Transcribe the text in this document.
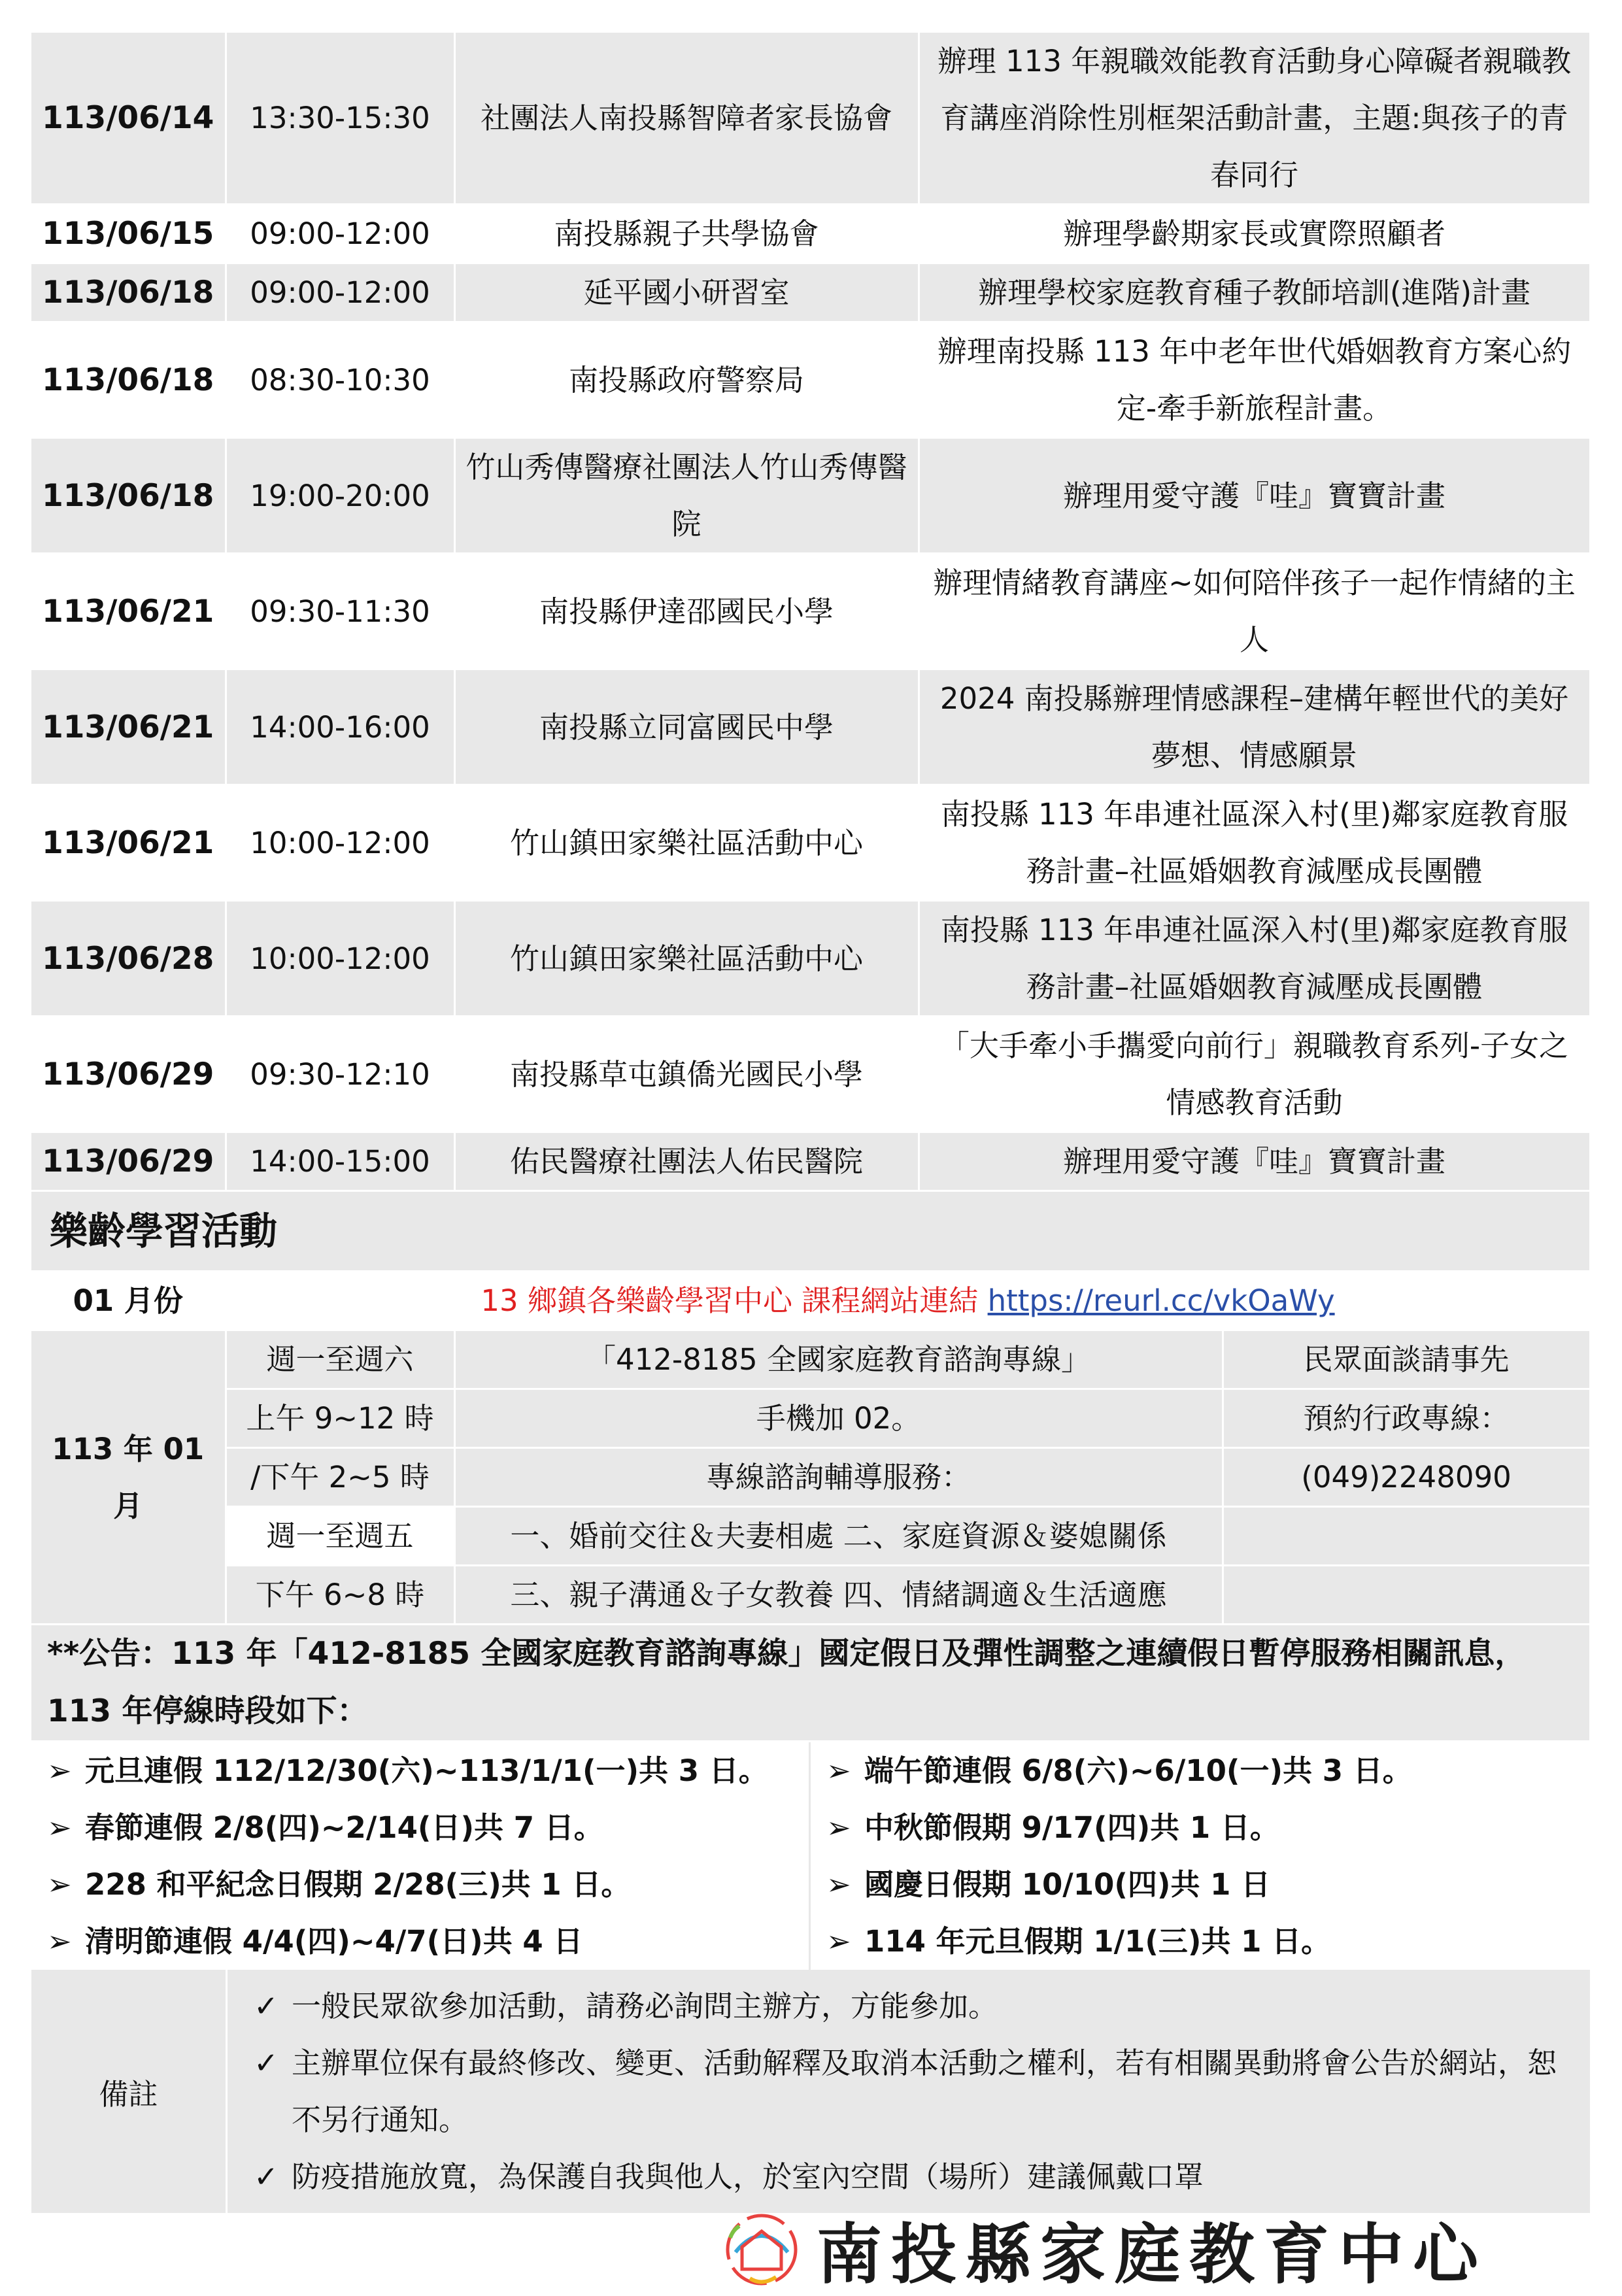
113/06/14	13:30-15:30	社團法人南投縣智障者家長協會	辦理 113 年親職效能教育活動身心障礙者親職教育講座消除性別框架活動計畫，主題:與孩子的青春同行
113/06/15	09:00-12:00	南投縣親子共學協會	辦理學齡期家長或實際照顧者
113/06/18	09:00-12:00	延平國小研習室	辦理學校家庭教育種子教師培訓(進階)計畫
113/06/18	08:30-10:30	南投縣政府警察局	辦理南投縣 113 年中老年世代婚姻教育方案心約定-牽手新旅程計畫。
113/06/18	19:00-20:00	竹山秀傳醫療社團法人竹山秀傳醫院	辦理用愛守護『哇』寶寶計畫
113/06/21	09:30-11:30	南投縣伊達邵國民小學	辦理情緒教育講座~如何陪伴孩子一起作情緒的主人
113/06/21	14:00-16:00	南投縣立同富國民中學	2024 南投縣辦理情感課程–建構年輕世代的美好夢想、情感願景
113/06/21	10:00-12:00	竹山鎮田家樂社區活動中心	南投縣 113 年串連社區深入村(里)鄰家庭教育服務計畫–社區婚姻教育減壓成長團體
113/06/28	10:00-12:00	竹山鎮田家樂社區活動中心	南投縣 113 年串連社區深入村(里)鄰家庭教育服務計畫–社區婚姻教育減壓成長團體
113/06/29	09:30-12:10	南投縣草屯鎮僑光國民小學	「大手牽小手攜愛向前行」親職教育系列-子女之情感教育活動
113/06/29	14:00-15:00	佑民醫療社團法人佑民醫院	辦理用愛守護『哇』寶寶計畫
樂齡學習活動			
01 月份	13 鄉鎮各樂齡學習中心 課程網站連結 https://reurl.cc/vkOaWy		
113 年 01 月	週一至週六	「412-8185 全國家庭教育諮詢專線」	民眾面談請事先
	上午 9~12 時	手機加 02。	預約行政專線：
	/下午 2~5 時	專線諮詢輔導服務：	(049)2248090
	週一至週五	一、婚前交往＆夫妻相處 二、家庭資源＆婆媳關係	
	下午 6~8 時	三、親子溝通＆子女教養 四、情緒調適＆生活適應	
**公告：113 年「412-8185 全國家庭教育諮詢專線」國定假日及彈性調整之連續假日暫停服務相關訊息，113 年停線時段如下：			
➢ 元旦連假 112/12/30(六)~113/1/1(一)共 3 日。
➢ 春節連假 2/8(四)~2/14(日)共 7 日。
➢ 228 和平紀念日假期 2/28(三)共 1 日。
➢ 清明節連假 4/4(四)~4/7(日)共 4 日
➢ 端午節連假 6/8(六)~6/10(一)共 3 日。
➢ 中秋節假期 9/17(四)共 1 日。
➢ 國慶日假期 10/10(四)共 1 日
➢ 114 年元旦假期 1/1(三)共 1 日。
備註
✓ 一般民眾欲參加活動，請務必詢問主辦方，方能參加。
✓ 主辦單位保有最終修改、變更、活動解釋及取消本活動之權利，若有相關異動將會公告於網站，恕不另行通知。
✓ 防疫措施放寬，為保護自我與他人，於室內空間（場所）建議佩戴口罩
南投縣家庭教育中心
